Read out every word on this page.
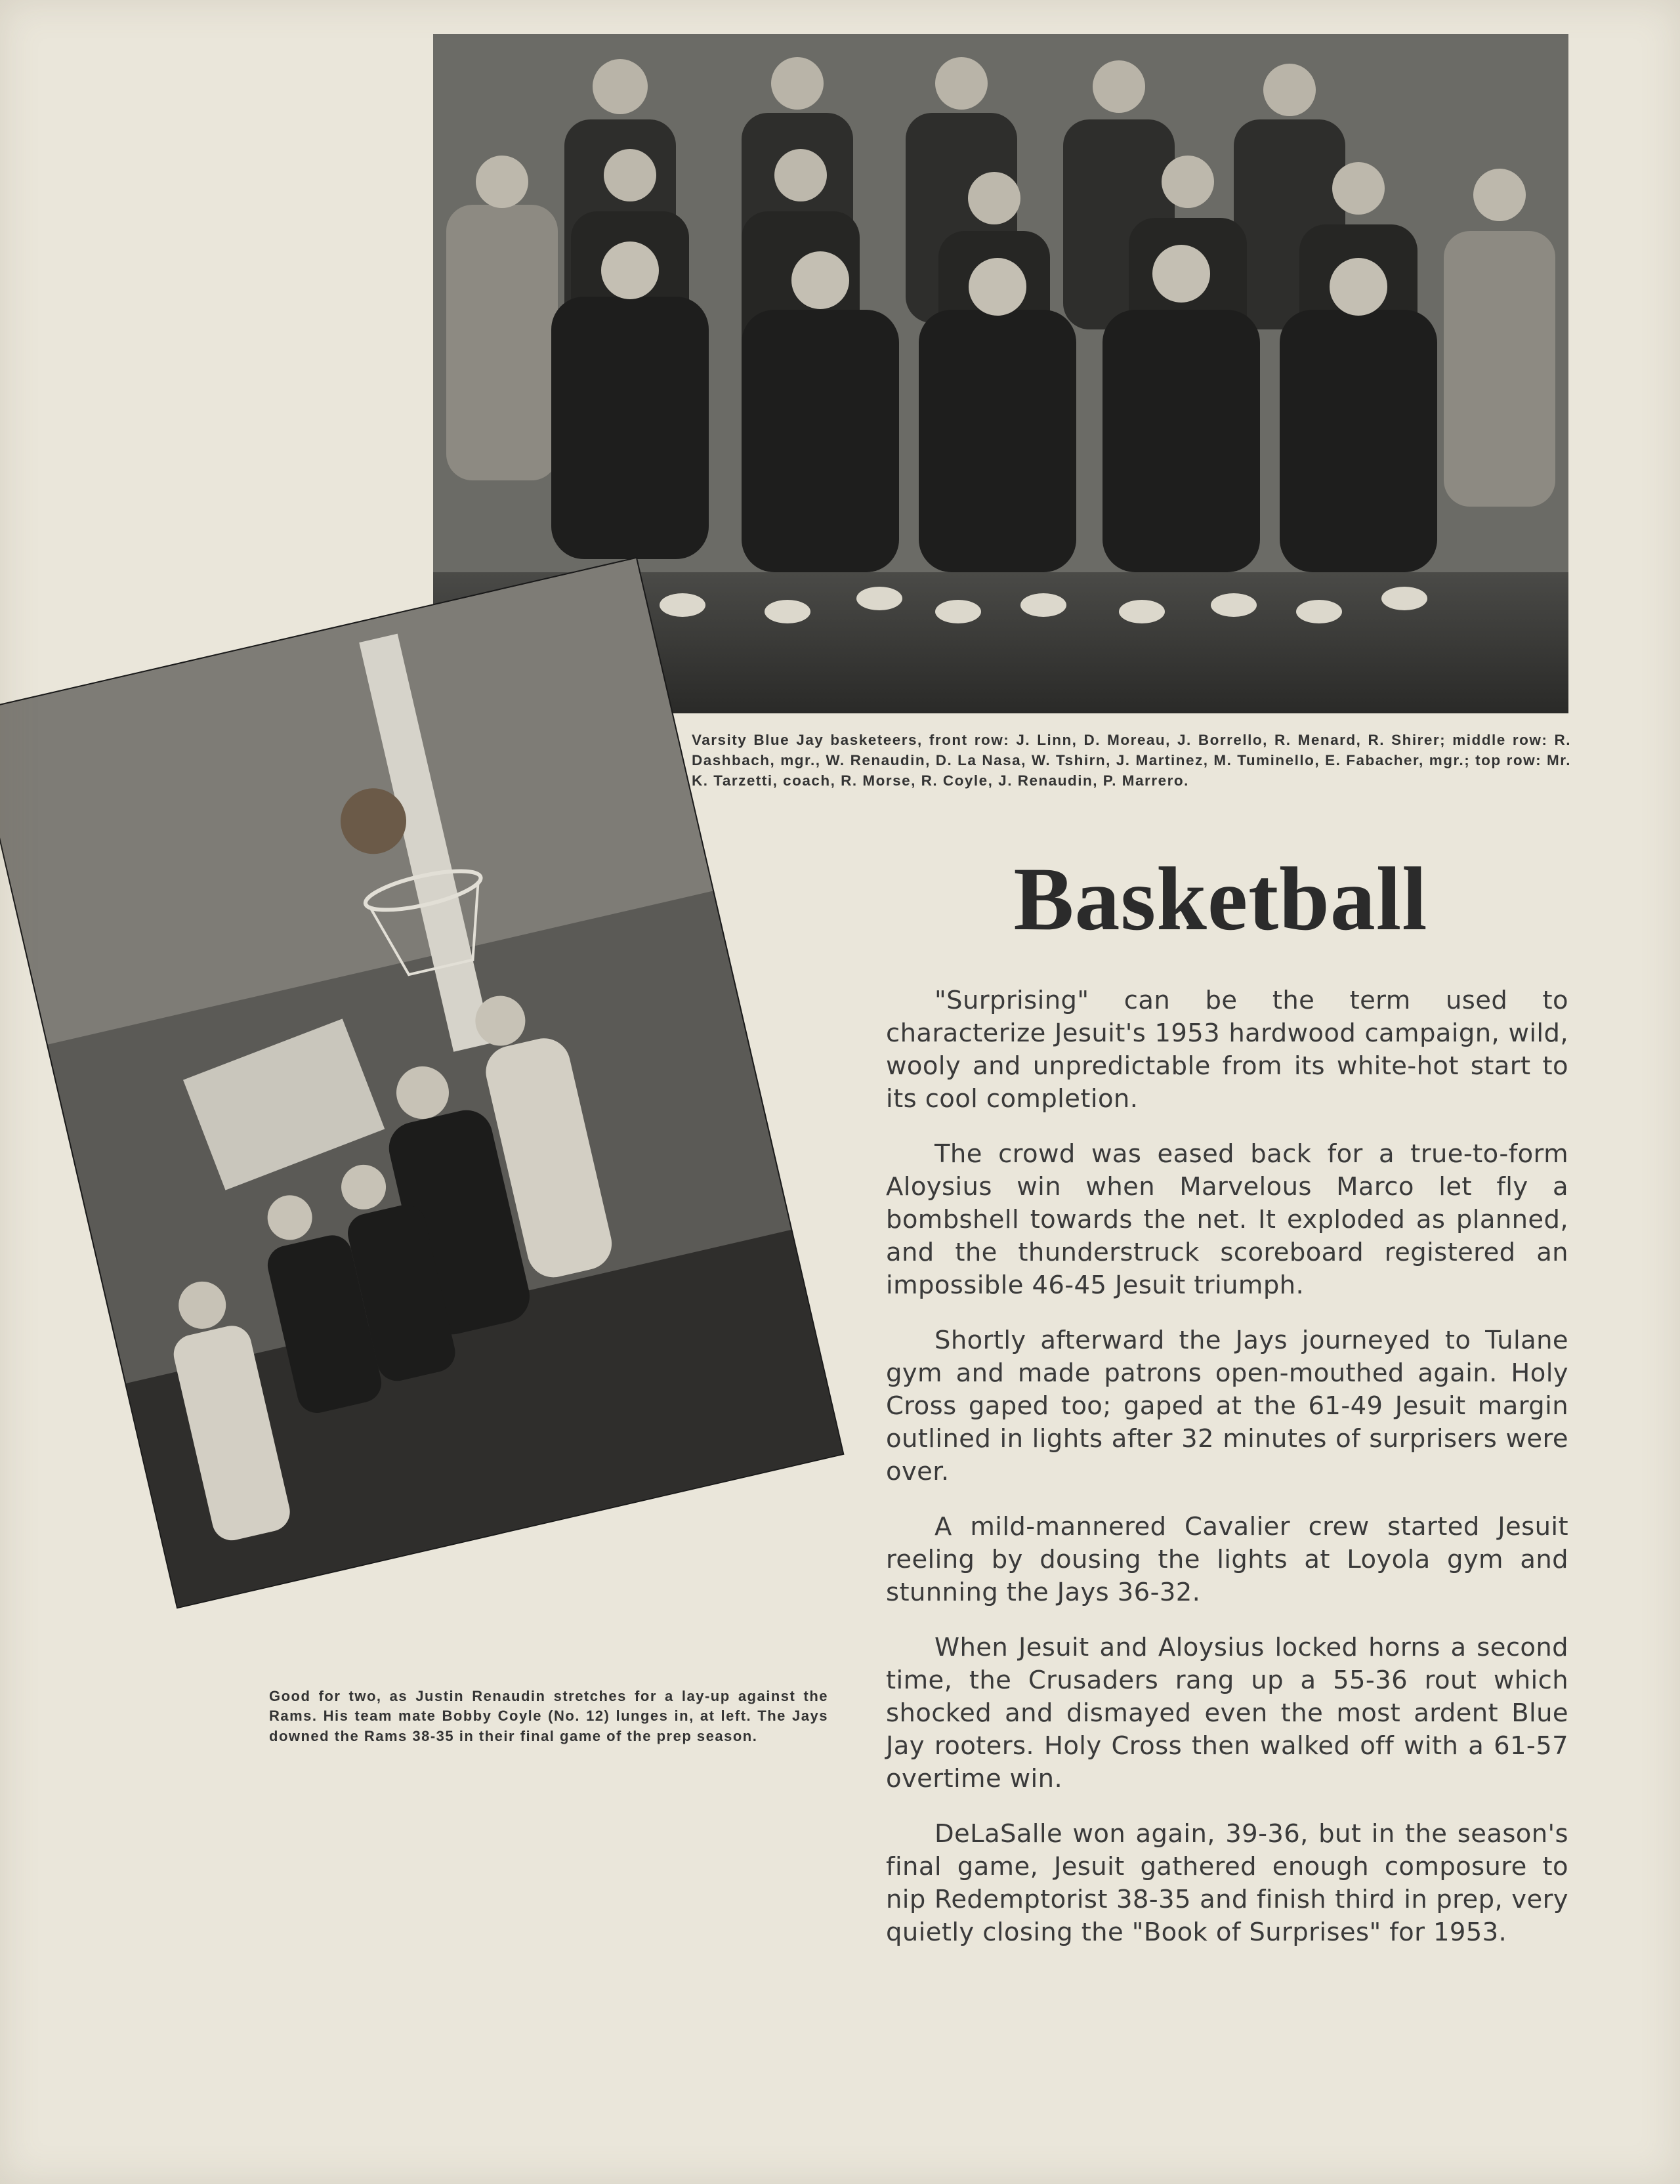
Varsity Blue Jay basketeers, front row: J. Linn, D. Moreau, J. Borrello, R. Menard, R. Shirer; middle row: R. Dashbach, mgr., W. Renaudin, D. La Nasa, W. Tshirn, J. Martinez, M. Tuminello, E. Fabacher, mgr.; top row: Mr. K. Tarzetti, coach, R. Morse, R. Coyle, J. Renaudin, P. Marrero.
Good for two, as Justin Renaudin stretches for a lay-up against the Rams. His team mate Bobby Coyle (No. 12) lunges in, at left. The Jays downed the Rams 38-35 in their final game of the prep season.
Basketball

"Surprising" can be the term used to characterize Jesuit's 1953 hardwood campaign, wild, wooly and unpredictable from its white-hot start to its cool completion.

The crowd was eased back for a true-to-form Aloysius win when Marvelous Marco let fly a bombshell towards the net. It exploded as planned, and the thunderstruck scoreboard registered an impossible 46-45 Jesuit triumph.

Shortly afterward the Jays journeyed to Tulane gym and made patrons open-mouthed again. Holy Cross gaped too; gaped at the 61-49 Jesuit margin outlined in lights after 32 minutes of surprisers were over.

A mild-mannered Cavalier crew started Jesuit reeling by dousing the lights at Loyola gym and stunning the Jays 36-32.

When Jesuit and Aloysius locked horns a second time, the Crusaders rang up a 55-36 rout which shocked and dismayed even the most ardent Blue Jay rooters. Holy Cross then walked off with a 61-57 overtime win.

DeLaSalle won again, 39-36, but in the season's final game, Jesuit gathered enough composure to nip Redemptorist 38-35 and finish third in prep, very quietly closing the "Book of Surprises" for 1953.
